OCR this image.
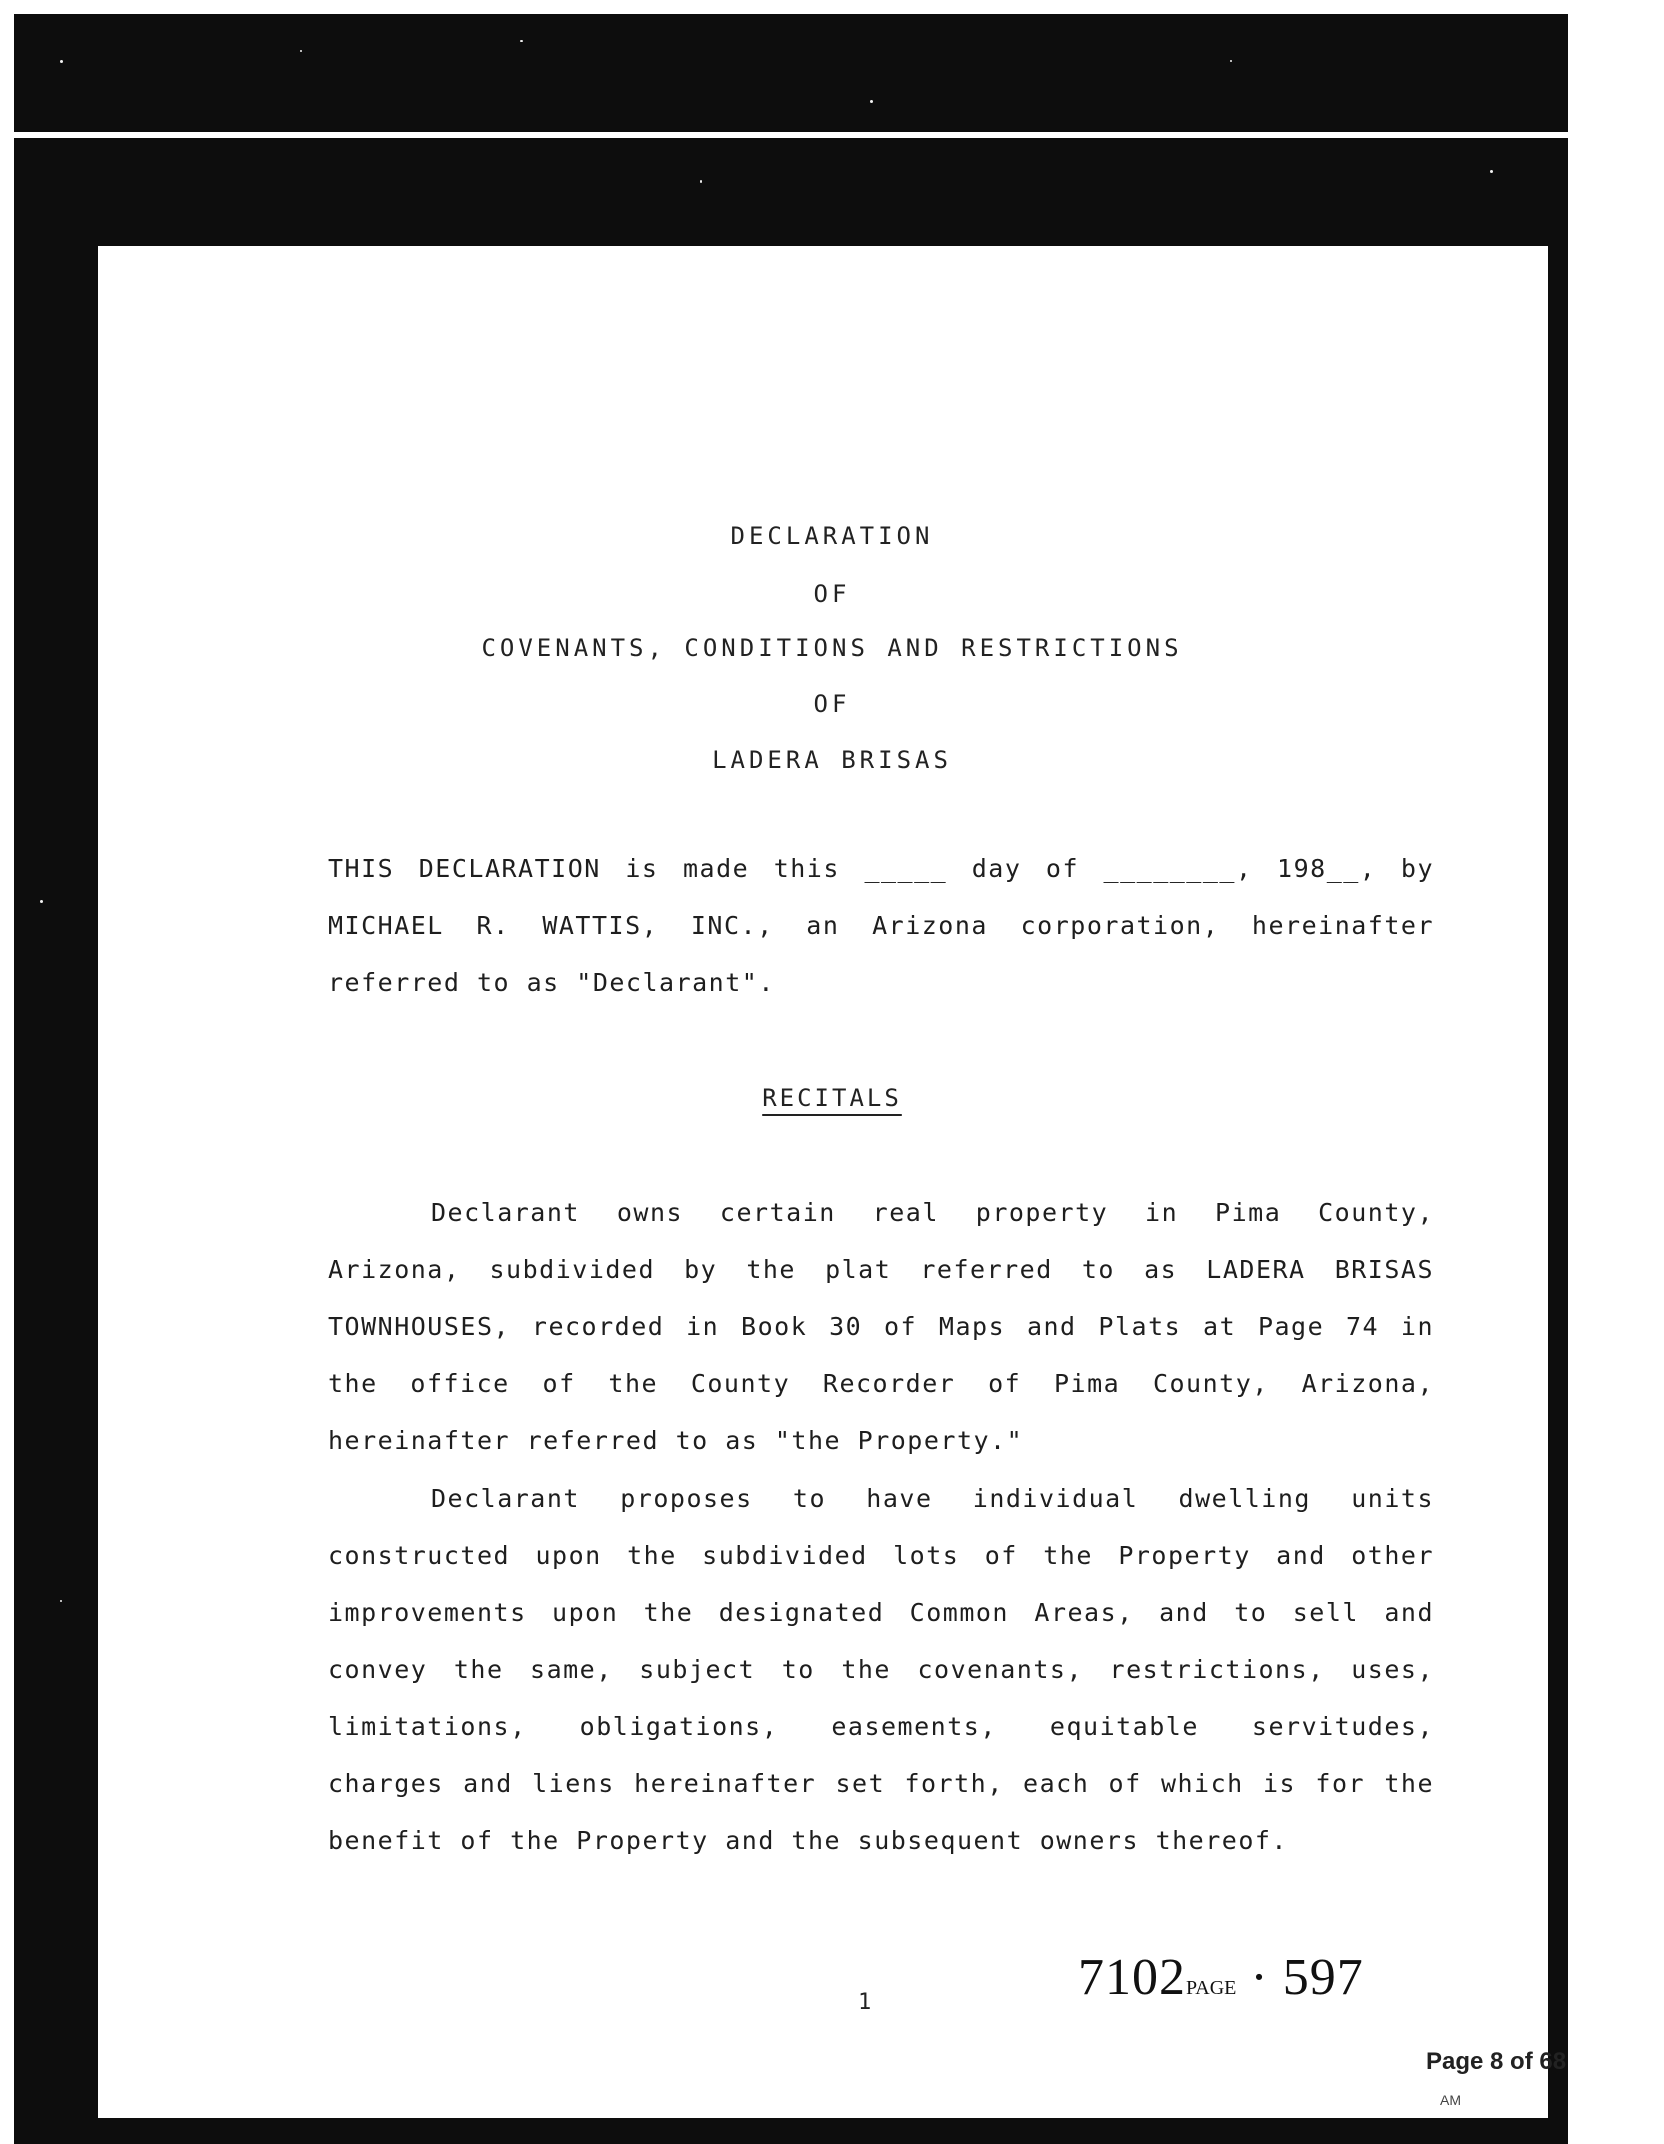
DECLARATION
OF
COVENANTS, CONDITIONS AND RESTRICTIONS
OF
LADERA BRISAS
THIS DECLARATION is made this _____ day of ________, 198__, by
MICHAEL R. WATTIS, INC., an Arizona corporation, hereinafter
referred to as "Declarant".
RECITALS
Declarant owns certain real property in Pima County,
Arizona, subdivided by the plat referred to as LADERA BRISAS
TOWNHOUSES, recorded in Book 30 of Maps and Plats at Page 74 in
the office of the County Recorder of Pima County, Arizona,
hereinafter referred to as "the Property."
Declarant proposes to have individual dwelling units
constructed upon the subdivided lots of the Property and other
improvements upon the designated Common Areas, and to sell and
convey the same, subject to the covenants, restrictions, uses,
limitations, obligations, easements, equitable servitudes,
charges and liens hereinafter set forth, each of which is for the
benefit of the Property and the subsequent owners thereof.
1	7102PAGE · 597
Page 8 of 68
AM
